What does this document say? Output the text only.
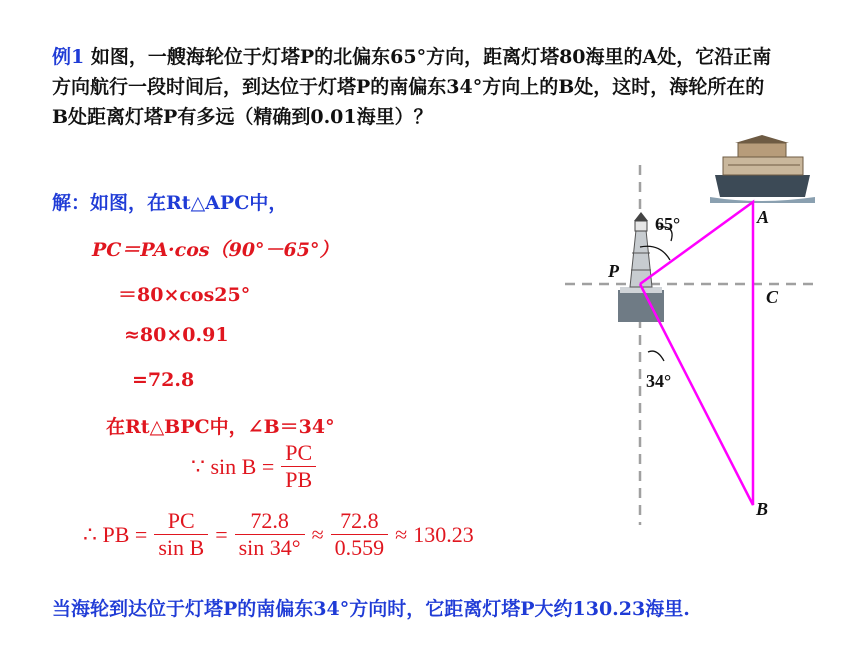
例1 如图，一艘海轮位于灯塔P的北偏东65°方向，距离灯塔80海里的A处，它沿正南方向航行一段时间后，到达位于灯塔P的南偏东34°方向上的B处，这时，海轮所在的B处距离灯塔P有多远（精确到0.01海里）？
解：如图，在Rt△APC中，
PC＝PA·cos（90°－65°）
＝80×cos25°
≈80×0.91
=72.8
在Rt△BPC中，∠B＝34°
∵ $\sin B = \frac{PC}{PB}$
∴ PB = $\frac{PC}{\text{sin B}} = \frac{72.8}{\sin 34^\circ} \approx \frac{72.8}{0.559} \approx 130.23$
当海轮到达位于灯塔P的南偏东34°方向时，它距离灯塔P大约130.23海里.
65°
34°
P
A
C
B
